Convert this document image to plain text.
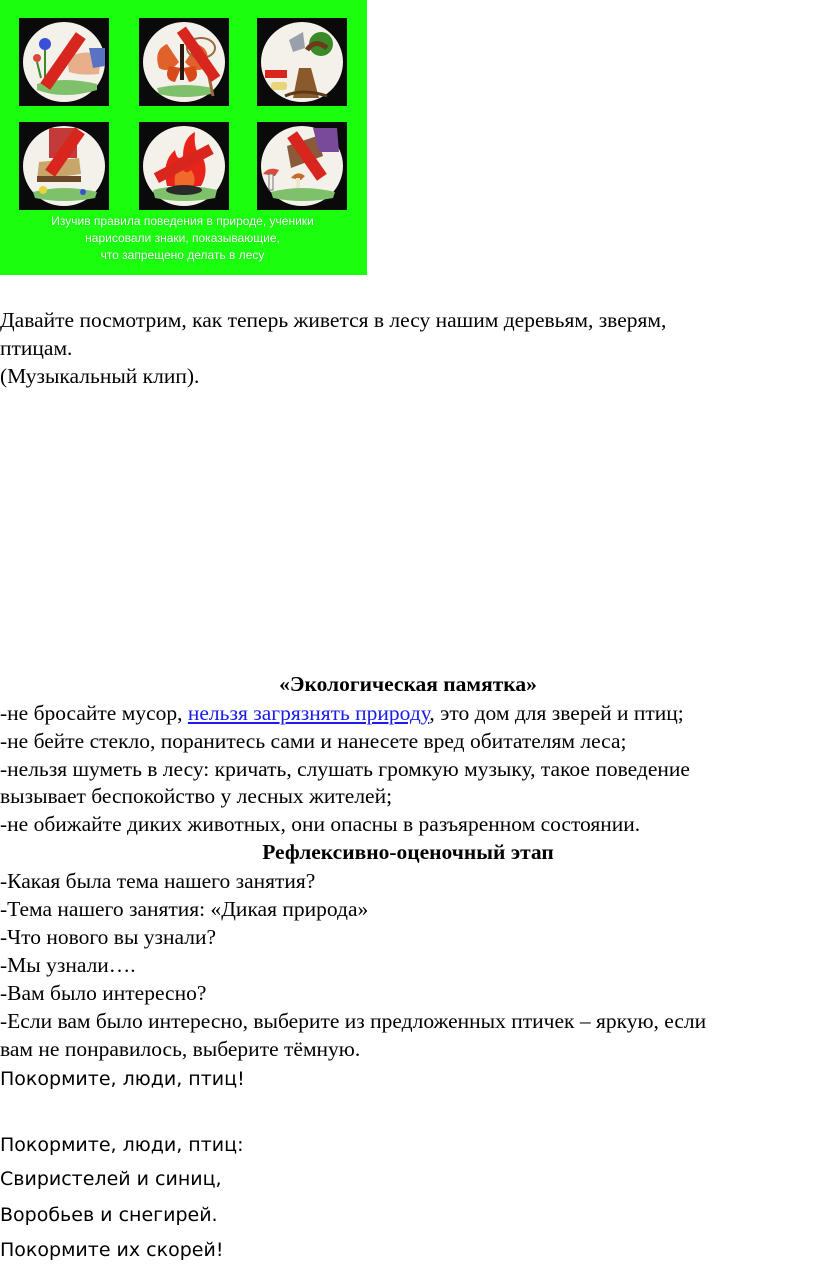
Изучив правила поведения в природе, ученики
нарисовали знаки, показывающие,
что запрещено делать в лесу
Давайте посмотрим, как теперь живется в лесу нашим деревьям, зверям,
птицам.
(Музыкальный клип).
«Экологическая памятка»
-не бросайте мусор, нельзя загрязнять природу, это дом для зверей и птиц;
-не бейте стекло, поранитесь сами и нанесете вред обитателям леса;
-нельзя шуметь в лесу: кричать, слушать громкую музыку, такое поведение
вызывает беспокойство у лесных жителей;
-не обижайте диких животных, они опасны в разъяренном состоянии.
Рефлексивно-оценочный этап
-Какая была тема нашего занятия?
-Тема нашего занятия: «Дикая природа»
-Что нового вы узнали?
-Мы узнали….
-Вам было интересно?
-Если вам было интересно, выберите из предложенных птичек – яркую, если
вам не понравилось, выберите тёмную.
Покормите, люди, птиц!
Покормите, люди, птиц:
Свиристелей и синиц,
Воробьев и снегирей.
Покормите их скорей!
